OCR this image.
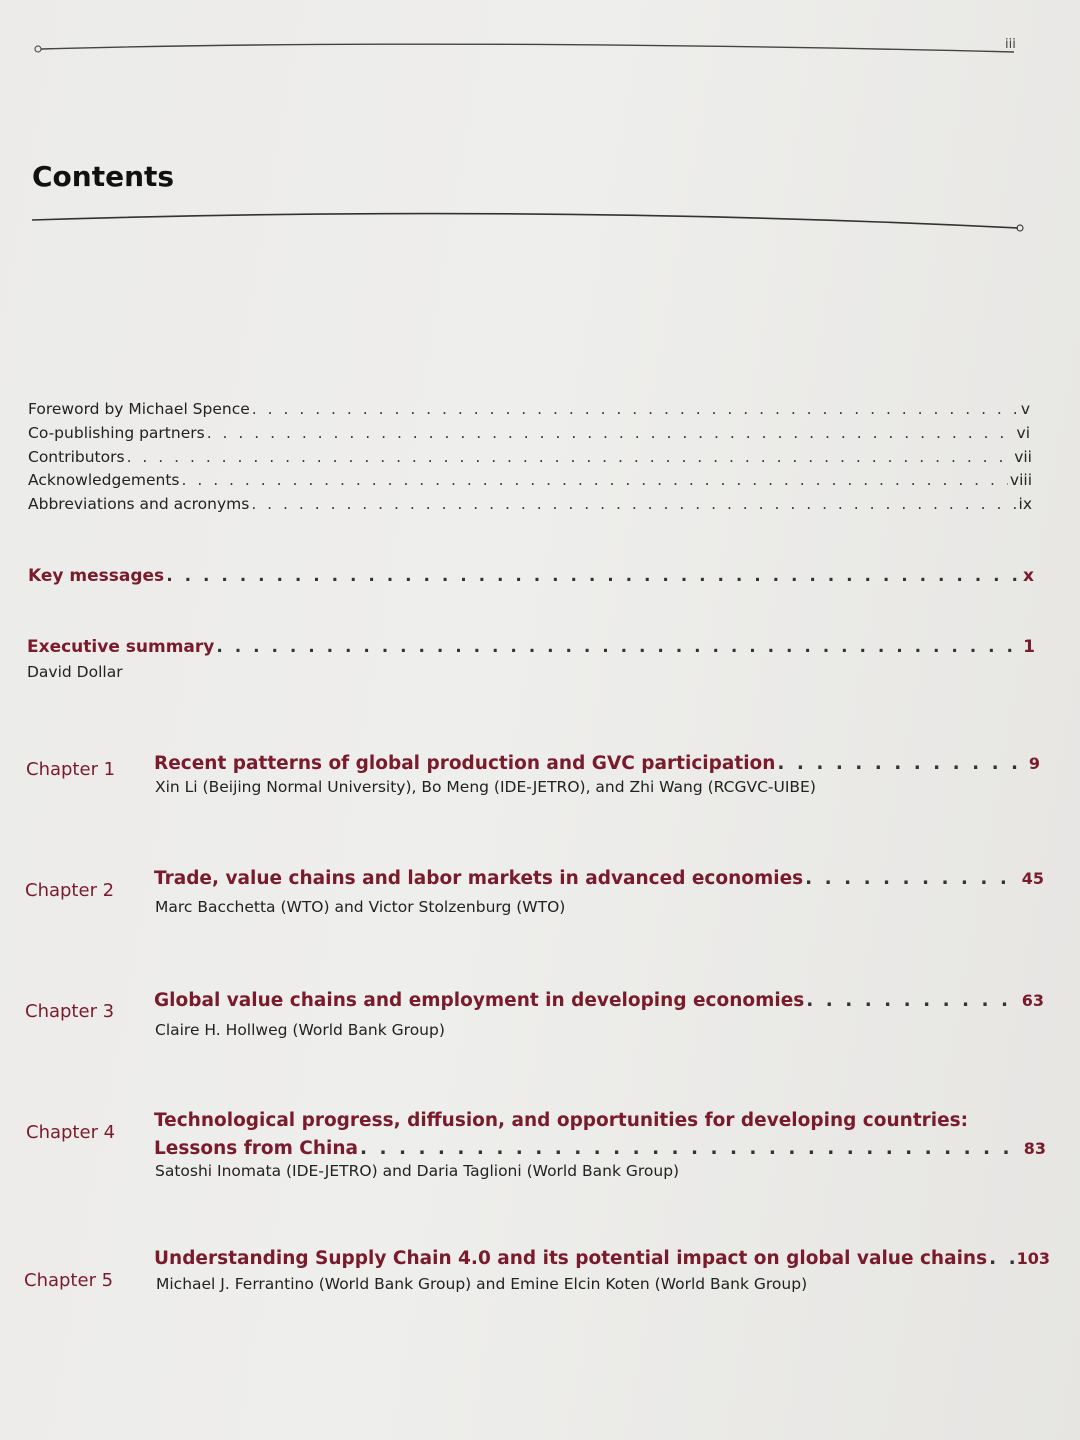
iii
Contents
Foreword by Michael Spence . . .	v
Co-publishing partners . . .	vi
Contributors . . .	vii
Acknowledgements . . .	viii
Abbreviations and acronyms . . .	ix
Key messages . . .	x
Executive summary . . .	1
David Dollar
Chapter 1 Recent patterns of global production and GVC participation . . .	9
Xin Li (Beijing Normal University), Bo Meng (IDE-JETRO), and Zhi Wang (RCGVC-UIBE)
Chapter 2
Trade, value chains and labor markets in advanced economies . . .	45
Marc Bacchetta (WTO) and Victor Stolzenburg (WTO)
Chapter 3
Global value chains and employment in developing economies . . .	63
Claire H. Hollweg (World Bank Group)
Chapter 4
Technological progress, diffusion, and opportunities for developing countries:
Lessons from China . . .	83
Satoshi Inomata (IDE-JETRO) and Daria Taglioni (World Bank Group)
Chapter 5
Understanding Supply Chain 4.0 and its potential impact on global value chains . . . 103
Michael J. Ferrantino (World Bank Group) and Emine Elcin Koten (World Bank Group)
